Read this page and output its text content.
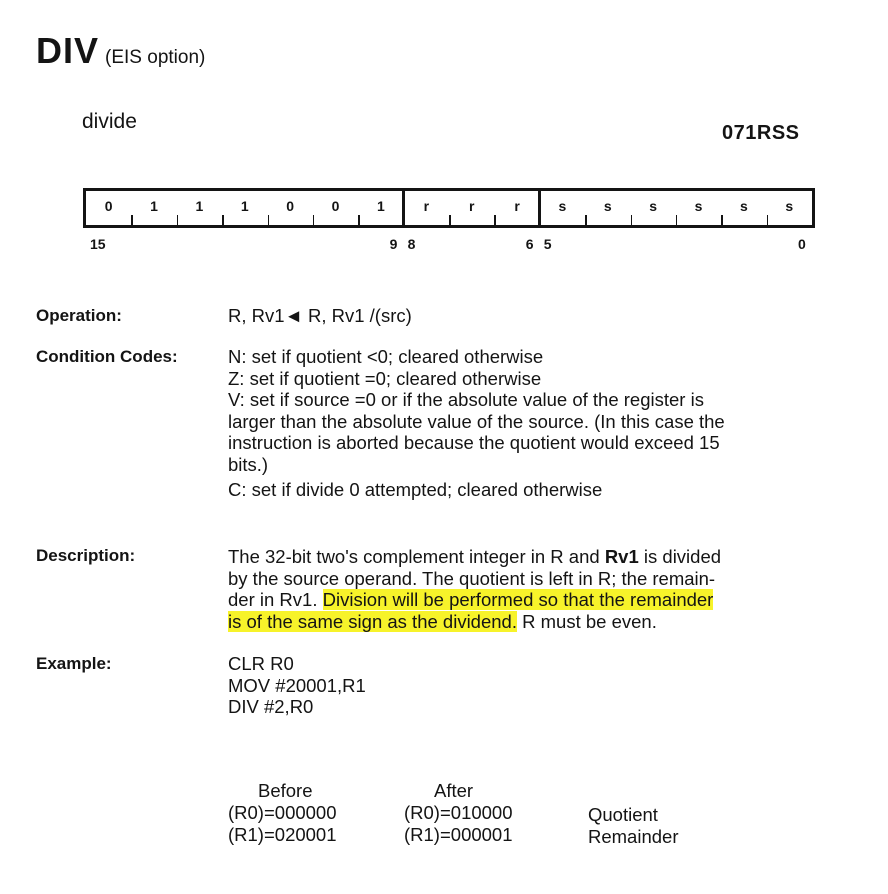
DIV (EIS option)
divide	071RSS
0	1	1	1	0	0	1	r	r	r	s	s	s	s	s	s
15	9 8	6 5	0
Operation:	R, Rv1◄ R, Rv1 /(src)
Condition Codes:	N: set if quotient <0; cleared otherwise
Z: set if quotient =0; cleared otherwise
V: set if source =0 or if the absolute value of the register is
larger than the absolute value of the source. (In this case the
instruction is aborted because the quotient would exceed 15
bits.)
C: set if divide 0 attempted; cleared otherwise
Description:	The 32-bit two's complement integer in R and Rv1 is divided
by the source operand. The quotient is left in R; the remain-
der in Rv1. Division will be performed so that the remainder
is of the same sign as the dividend. R must be even.
Example:	CLR R0
MOV #20001,R1
DIV #2,R0
Before	After
(R0)=000000	(R0)=010000	Quotient
(R1)=020001	(R1)=000001	Remainder
